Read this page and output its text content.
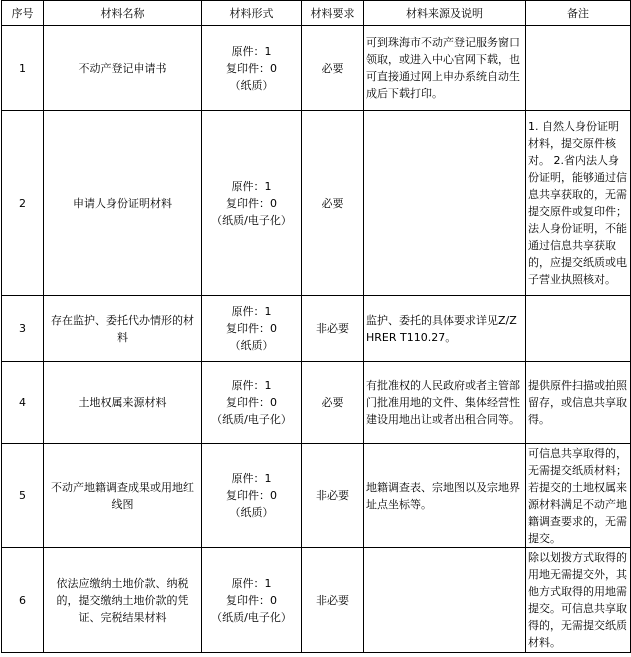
序号	材料名称	材料形式	材料要求	材料来源及说明	备注
1	不动产登记申请书	原件：1
复印件：0
（纸质）	必要	可到珠海市不动产登记服务窗口领取，或进入中心官网下载，也可直接通过网上申办系统自动生成后下载打印。	
2	申请人身份证明材料	原件：1
复印件：0
（纸质/电子化）	必要		1. 自然人身份证明材料，提交原件核对。 2.省内法人身份证明，能够通过信息共享获取的，无需提交原件或复印件；法人身份证明，不能通过信息共享获取的，应提交纸质或电子营业执照核对。
3	存在监护、委托代办情形的材料	原件：1
复印件：0
（纸质）	非必要	监护、委托的具体要求详见Z/ZHRER T110.27。	
4	土地权属来源材料	原件：1
复印件：0
（纸质/电子化）	必要	有批准权的人民政府或者主管部门批准用地的文件、集体经营性建设用地出让或者出租合同等。	提供原件扫描或拍照留存，或信息共享取得。
5	不动产地籍调查成果或用地红线图	原件：1
复印件：0
（纸质）	非必要	地籍调查表、宗地图以及宗地界址点坐标等。	可信息共享取得的，无需提交纸质材料；若提交的土地权属来源材料满足不动产地籍调查要求的，无需提交。
6	依法应缴纳土地价款、纳税的，提交缴纳土地价款的凭证、完税结果材料	原件：1
复印件：0
（纸质/电子化）	非必要		除以划拨方式取得的用地无需提交外，其他方式取得的用地需提交。可信息共享取得的，无需提交纸质材料。
